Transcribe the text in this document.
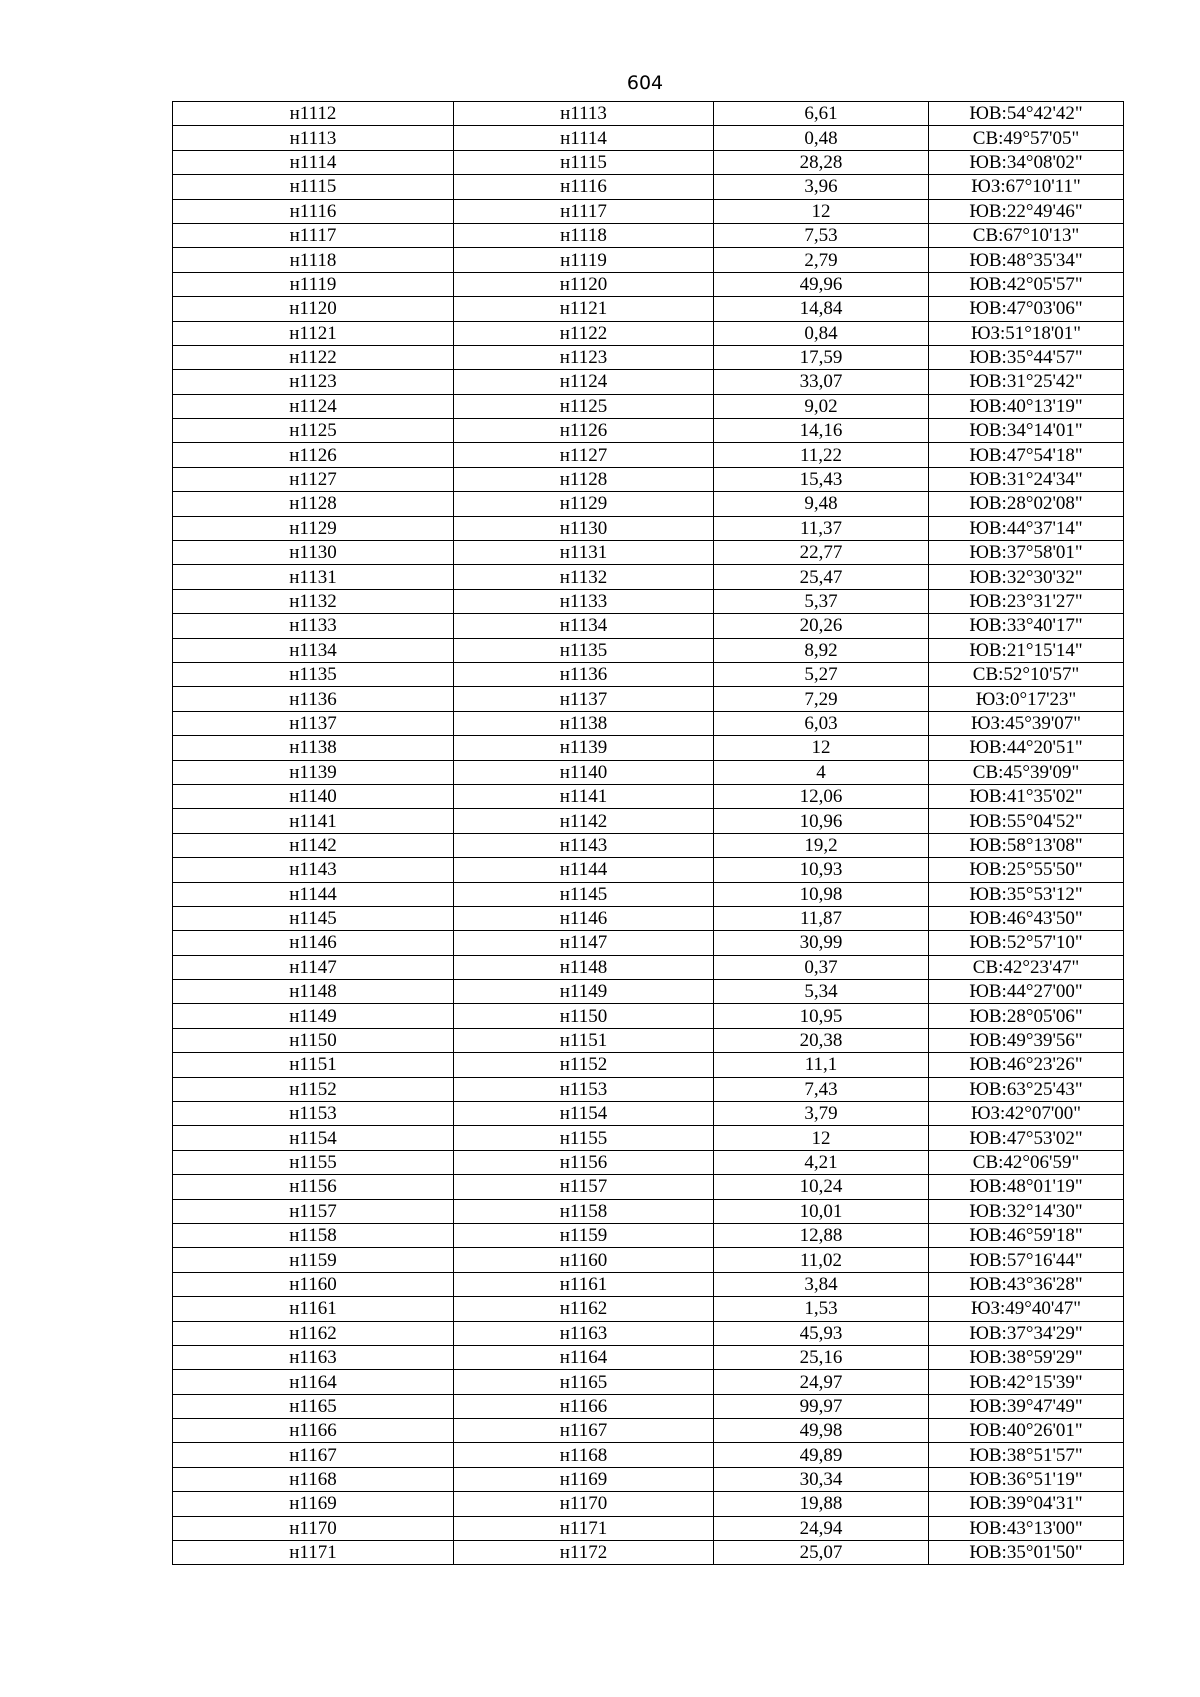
604
н1112	н1113	6,61	ЮВ:54°42'42"
н1113	н1114	0,48	СВ:49°57'05"
н1114	н1115	28,28	ЮВ:34°08'02"
н1115	н1116	3,96	ЮЗ:67°10'11"
н1116	н1117	12	ЮВ:22°49'46"
н1117	н1118	7,53	СВ:67°10'13"
н1118	н1119	2,79	ЮВ:48°35'34"
н1119	н1120	49,96	ЮВ:42°05'57"
н1120	н1121	14,84	ЮВ:47°03'06"
н1121	н1122	0,84	ЮЗ:51°18'01"
н1122	н1123	17,59	ЮВ:35°44'57"
н1123	н1124	33,07	ЮВ:31°25'42"
н1124	н1125	9,02	ЮВ:40°13'19"
н1125	н1126	14,16	ЮВ:34°14'01"
н1126	н1127	11,22	ЮВ:47°54'18"
н1127	н1128	15,43	ЮВ:31°24'34"
н1128	н1129	9,48	ЮВ:28°02'08"
н1129	н1130	11,37	ЮВ:44°37'14"
н1130	н1131	22,77	ЮВ:37°58'01"
н1131	н1132	25,47	ЮВ:32°30'32"
н1132	н1133	5,37	ЮВ:23°31'27"
н1133	н1134	20,26	ЮВ:33°40'17"
н1134	н1135	8,92	ЮВ:21°15'14"
н1135	н1136	5,27	СВ:52°10'57"
н1136	н1137	7,29	ЮЗ:0°17'23"
н1137	н1138	6,03	ЮЗ:45°39'07"
н1138	н1139	12	ЮВ:44°20'51"
н1139	н1140	4	СВ:45°39'09"
н1140	н1141	12,06	ЮВ:41°35'02"
н1141	н1142	10,96	ЮВ:55°04'52"
н1142	н1143	19,2	ЮВ:58°13'08"
н1143	н1144	10,93	ЮВ:25°55'50"
н1144	н1145	10,98	ЮВ:35°53'12"
н1145	н1146	11,87	ЮВ:46°43'50"
н1146	н1147	30,99	ЮВ:52°57'10"
н1147	н1148	0,37	СВ:42°23'47"
н1148	н1149	5,34	ЮВ:44°27'00"
н1149	н1150	10,95	ЮВ:28°05'06"
н1150	н1151	20,38	ЮВ:49°39'56"
н1151	н1152	11,1	ЮВ:46°23'26"
н1152	н1153	7,43	ЮВ:63°25'43"
н1153	н1154	3,79	ЮЗ:42°07'00"
н1154	н1155	12	ЮВ:47°53'02"
н1155	н1156	4,21	СВ:42°06'59"
н1156	н1157	10,24	ЮВ:48°01'19"
н1157	н1158	10,01	ЮВ:32°14'30"
н1158	н1159	12,88	ЮВ:46°59'18"
н1159	н1160	11,02	ЮВ:57°16'44"
н1160	н1161	3,84	ЮВ:43°36'28"
н1161	н1162	1,53	ЮЗ:49°40'47"
н1162	н1163	45,93	ЮВ:37°34'29"
н1163	н1164	25,16	ЮВ:38°59'29"
н1164	н1165	24,97	ЮВ:42°15'39"
н1165	н1166	99,97	ЮВ:39°47'49"
н1166	н1167	49,98	ЮВ:40°26'01"
н1167	н1168	49,89	ЮВ:38°51'57"
н1168	н1169	30,34	ЮВ:36°51'19"
н1169	н1170	19,88	ЮВ:39°04'31"
н1170	н1171	24,94	ЮВ:43°13'00"
н1171	н1172	25,07	ЮВ:35°01'50"
